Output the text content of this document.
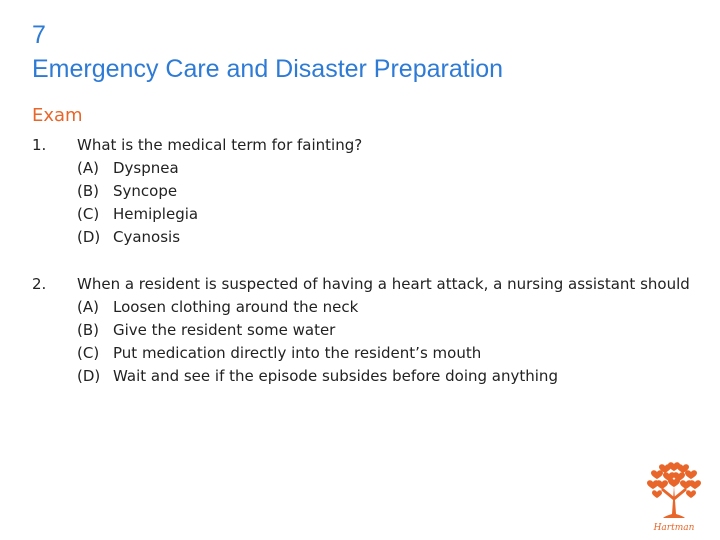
7
Emergency Care and Disaster Preparation
Exam
1. What is the medical term for fainting?
(A) Dyspnea
(B) Syncope
(C) Hemiplegia
(D) Cyanosis
2. When a resident is suspected of having a heart attack, a nursing assistant should
(A) Loosen clothing around the neck
(B) Give the resident some water
(C) Put medication directly into the resident’s mouth
(D) Wait and see if the episode subsides before doing anything
Hartman
